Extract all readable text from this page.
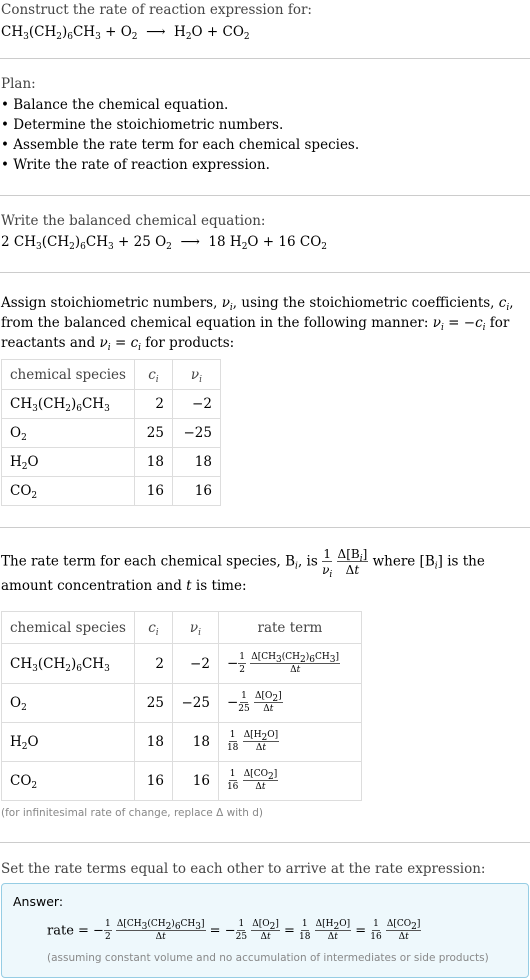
Construct the rate of reaction expression for:
$CH_3(CH_2)_6CH_3 + O_2$  ⟶  $H_2O + CO_2$
Plan:
• Balance the chemical equation.
• Determine the stoichiometric numbers.
• Assemble the rate term for each chemical species.
• Write the rate of reaction expression.
Write the balanced chemical equation:
2 $CH_3(CH_2)_6CH_3 + 25$ $O_2$  ⟶  18 $H_2O + 16$ $CO_2$
Assign stoichiometric numbers, $\nu_i$, using the stoichiometric coefficients, $c_i$, from the balanced chemical equation in the following manner: $\nu_i = -c_i$ for reactants and $\nu_i = c_i$ for products:
chemical species	$c_i$	$\nu_i$
$CH_3(CH_2)_6CH_3$	2	−2
$O_2$	25	−25
$H_2O$	18	18
$CO_2$	16	16
The rate term for each chemical species, $B_i$, is $\frac{1}{\nu_i}$
$\frac{\Delta[B_i]}{\Delta t}$ where $[B_i]$ is the amount concentration and t is time:
chemical species	$c_i$	$\nu_i$	rate term
$CH_3(CH_2)_6CH_3$	2	−2	− $\frac{1}{2}$
$\frac{\Delta[CH_3(CH_2)_6CH_3]}{\Delta t}$

$O_2$	25	−25	− $\frac{1}{25}$
$\frac{\Delta[O_2]}{\Delta t}$

$H_2O$	18	18	$\frac{1}{18}$
$\frac{\Delta[H_2O]}{\Delta t}$

$CO_2$	16	16	$\frac{1}{16}$
$\frac{\Delta[CO_2]}{\Delta t}$
(for infinitesimal rate of change, replace Δ with d)
Set the rate terms equal to each other to arrive at the rate expression:
Answer:
rate = − $\frac{1}{2}$
$\frac{\Delta[CH_3(CH_2)_6CH_3]}{\Delta t}$ = − $\frac{1}{25}$
$\frac{\Delta[O_2]}{\Delta t} = \frac{1}{18}$
$\frac{\Delta[H_2O]}{\Delta t} = \frac{1}{16}$
$\frac{\Delta[CO_2]}{\Delta t}$
(assuming constant volume and no accumulation of intermediates or side products)
